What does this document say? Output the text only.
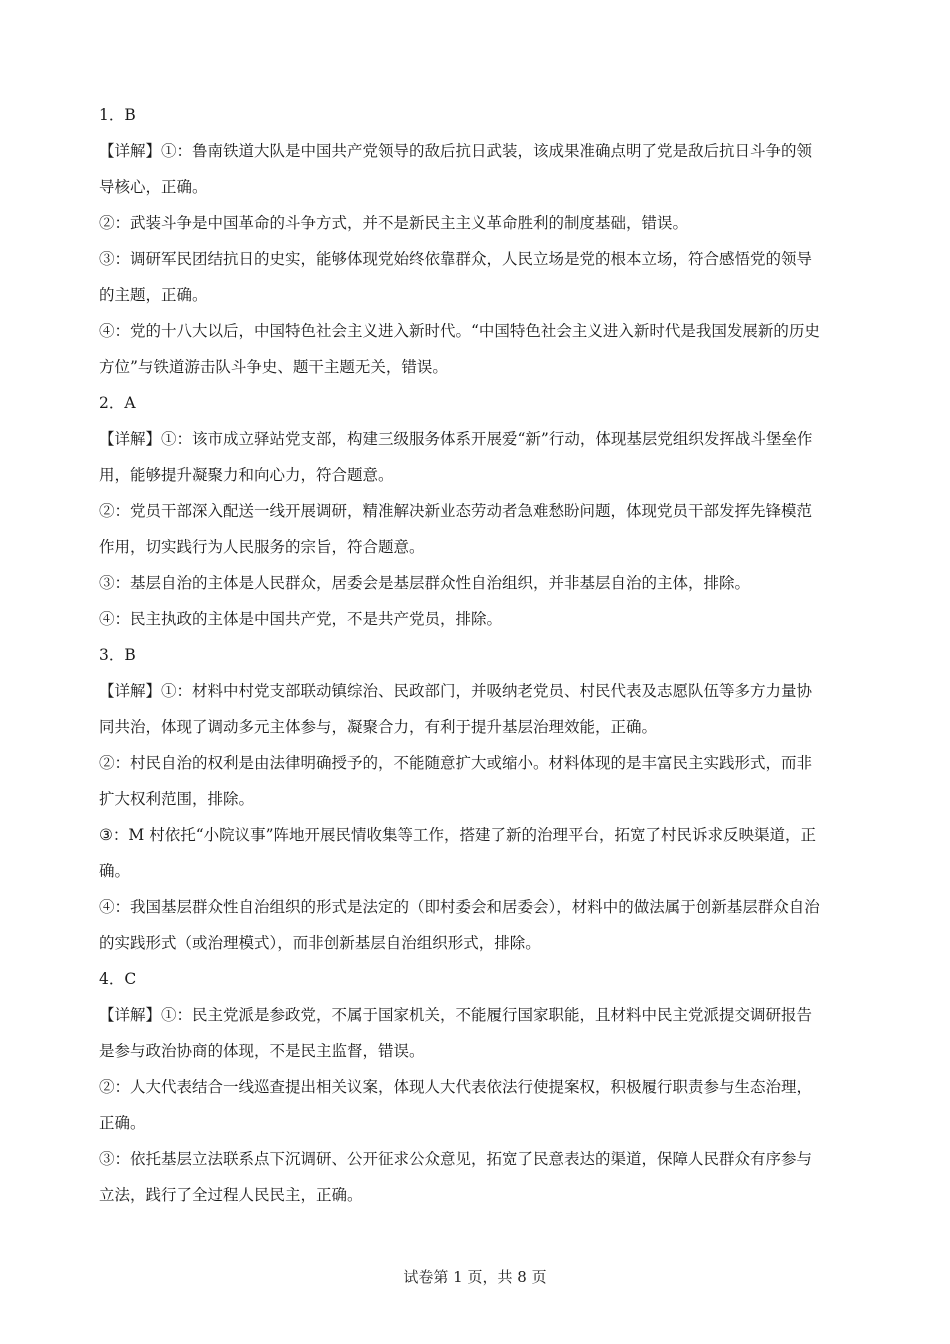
1．B
【详解】①：鲁南铁道大队是中国共产党领导的敌后抗日武装，该成果准确点明了党是敌后抗日斗争的领
导核心，正确。
②：武装斗争是中国革命的斗争方式，并不是新民主主义革命胜利的制度基础，错误。
③：调研军民团结抗日的史实，能够体现党始终依靠群众，人民立场是党的根本立场，符合感悟党的领导
的主题，正确。
④：党的十八大以后，中国特色社会主义进入新时代。“中国特色社会主义进入新时代是我国发展新的历史
方位”与铁道游击队斗争史、题干主题无关，错误。
2．A
【详解】①：该市成立驿站党支部，构建三级服务体系开展爱“新”行动，体现基层党组织发挥战斗堡垒作
用，能够提升凝聚力和向心力，符合题意。
②：党员干部深入配送一线开展调研，精准解决新业态劳动者急难愁盼问题，体现党员干部发挥先锋模范
作用，切实践行为人民服务的宗旨，符合题意。
③：基层自治的主体是人民群众，居委会是基层群众性自治组织，并非基层自治的主体，排除。
④：民主执政的主体是中国共产党，不是共产党员，排除。
3．B
【详解】①：材料中村党支部联动镇综治、民政部门，并吸纳老党员、村民代表及志愿队伍等多方力量协
同共治，体现了调动多元主体参与，凝聚合力，有利于提升基层治理效能，正确。
②：村民自治的权利是由法律明确授予的，不能随意扩大或缩小。材料体现的是丰富民主实践形式，而非
扩大权利范围，排除。
③：M 村依托“小院议事”阵地开展民情收集等工作，搭建了新的治理平台，拓宽了村民诉求反映渠道，正
确。
④：我国基层群众性自治组织的形式是法定的（即村委会和居委会），材料中的做法属于创新基层群众自治
的实践形式（或治理模式），而非创新基层自治组织形式，排除。
4．C
【详解】①：民主党派是参政党，不属于国家机关，不能履行国家职能，且材料中民主党派提交调研报告
是参与政治协商的体现，不是民主监督，错误。
②：人大代表结合一线巡查提出相关议案，体现人大代表依法行使提案权，积极履行职责参与生态治理，
正确。
③：依托基层立法联系点下沉调研、公开征求公众意见，拓宽了民意表达的渠道，保障人民群众有序参与
立法，践行了全过程人民民主，正确。
试卷第 1 页，共 8 页
